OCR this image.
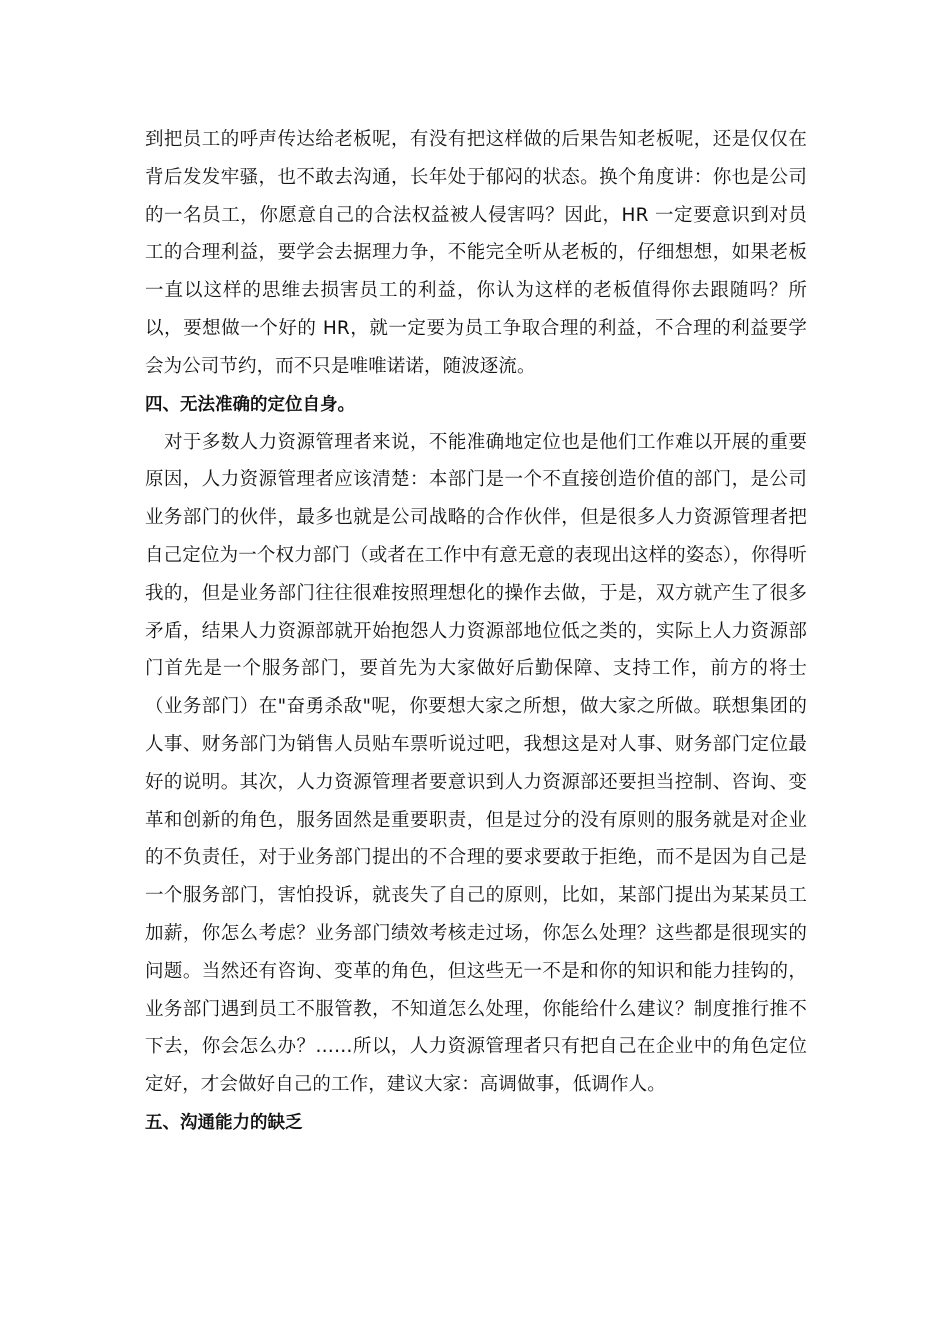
到把员工的呼声传达给老板呢，有没有把这样做的后果告知老板呢，还是仅仅在背后发发牢骚，也不敢去沟通，长年处于郁闷的状态。换个角度讲：你也是公司的一名员工，你愿意自己的合法权益被人侵害吗？因此，HR 一定要意识到对员工的合理利益，要学会去据理力争，不能完全听从老板的，仔细想想，如果老板一直以这样的思维去损害员工的利益，你认为这样的老板值得你去跟随吗？所以，要想做一个好的 HR，就一定要为员工争取合理的利益，不合理的利益要学会为公司节约，而不只是唯唯诺诺，随波逐流。

四、无法准确的定位自身。

对于多数人力资源管理者来说，不能准确地定位也是他们工作难以开展的重要原因，人力资源管理者应该清楚：本部门是一个不直接创造价值的部门，是公司业务部门的伙伴，最多也就是公司战略的合作伙伴，但是很多人力资源管理者把自己定位为一个权力部门（或者在工作中有意无意的表现出这样的姿态），你得听我的，但是业务部门往往很难按照理想化的操作去做，于是，双方就产生了很多矛盾，结果人力资源部就开始抱怨人力资源部地位低之类的，实际上人力资源部门首先是一个服务部门，要首先为大家做好后勤保障、支持工作，前方的将士（业务部门）在"奋勇杀敌"呢，你要想大家之所想，做大家之所做。联想集团的人事、财务部门为销售人员贴车票听说过吧，我想这是对人事、财务部门定位最好的说明。其次，人力资源管理者要意识到人力资源部还要担当控制、咨询、变革和创新的角色，服务固然是重要职责，但是过分的没有原则的服务就是对企业的不负责任，对于业务部门提出的不合理的要求要敢于拒绝，而不是因为自己是一个服务部门，害怕投诉，就丧失了自己的原则，比如，某部门提出为某某员工加薪，你怎么考虑？业务部门绩效考核走过场，你怎么处理？这些都是很现实的问题。当然还有咨询、变革的角色，但这些无一不是和你的知识和能力挂钩的，业务部门遇到员工不服管教，不知道怎么处理，你能给什么建议？制度推行推不下去，你会怎么办？……所以，人力资源管理者只有把自己在企业中的角色定位定好，才会做好自己的工作，建议大家：高调做事，低调作人。

五、沟通能力的缺乏
